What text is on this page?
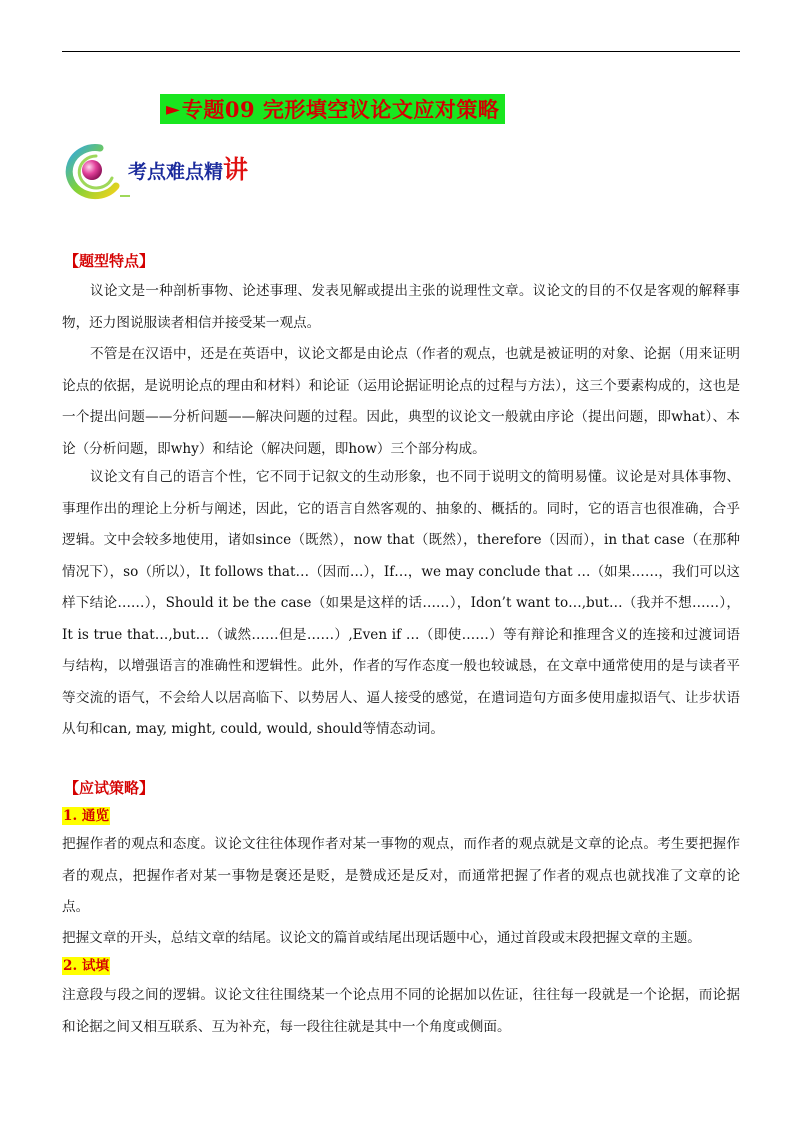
► 专题09 完形填空议论文应对策略
考点难点精讲
【题型特点】
议论文是一种剖析事物、论述事理、发表见解或提出主张的说理性文章。议论文的目的不仅是客观的解释事物，还力图说服读者相信并接受某一观点。
不管是在汉语中，还是在英语中，议论文都是由论点（作者的观点，也就是被证明的对象、论据（用来证明论点的依据，是说明论点的理由和材料）和论证（运用论据证明论点的过程与方法），这三个要素构成的，这也是一个提出问题——分析问题——解决问题的过程。因此，典型的议论文一般就由序论（提出问题，即what）、本论（分析问题，即why）和结论（解决问题，即how）三个部分构成。
议论文有自己的语言个性，它不同于记叙文的生动形象，也不同于说明文的简明易懂。议论是对具体事物、事理作出的理论上分析与阐述，因此，它的语言自然客观的、抽象的、概括的。同时，它的语言也很准确，合乎逻辑。文中会较多地使用，诸如since（既然），now that（既然），therefore（因而），in that case（在那种情况下），so（所以），It follows that…（因而…），If…，we may conclude that …（如果……，我们可以这样下结论……），Should it be the case（如果是这样的话……），Idon’t want to…,but…（我并不想……），It is true that…,but…（诚然……但是……）,Even if …（即使……）等有辩论和推理含义的连接和过渡词语与结构，以增强语言的准确性和逻辑性。此外，作者的写作态度一般也较诚恳，在文章中通常使用的是与读者平等交流的语气，不会给人以居高临下、以势居人、逼人接受的感觉，在遣词造句方面多使用虚拟语气、让步状语从句和can, may, might, could, would, should等情态动词。
【应试策略】
1. 通览
把握作者的观点和态度。议论文往往体现作者对某一事物的观点，而作者的观点就是文章的论点。考生要把握作者的观点，把握作者对某一事物是褒还是贬，是赞成还是反对，而通常把握了作者的观点也就找准了文章的论点。
把握文章的开头，总结文章的结尾。议论文的篇首或结尾出现话题中心，通过首段或末段把握文章的主题。
2. 试填
注意段与段之间的逻辑。议论文往往围绕某一个论点用不同的论据加以佐证，往往每一段就是一个论据，而论据和论据之间又相互联系、互为补充，每一段往往就是其中一个角度或侧面。
